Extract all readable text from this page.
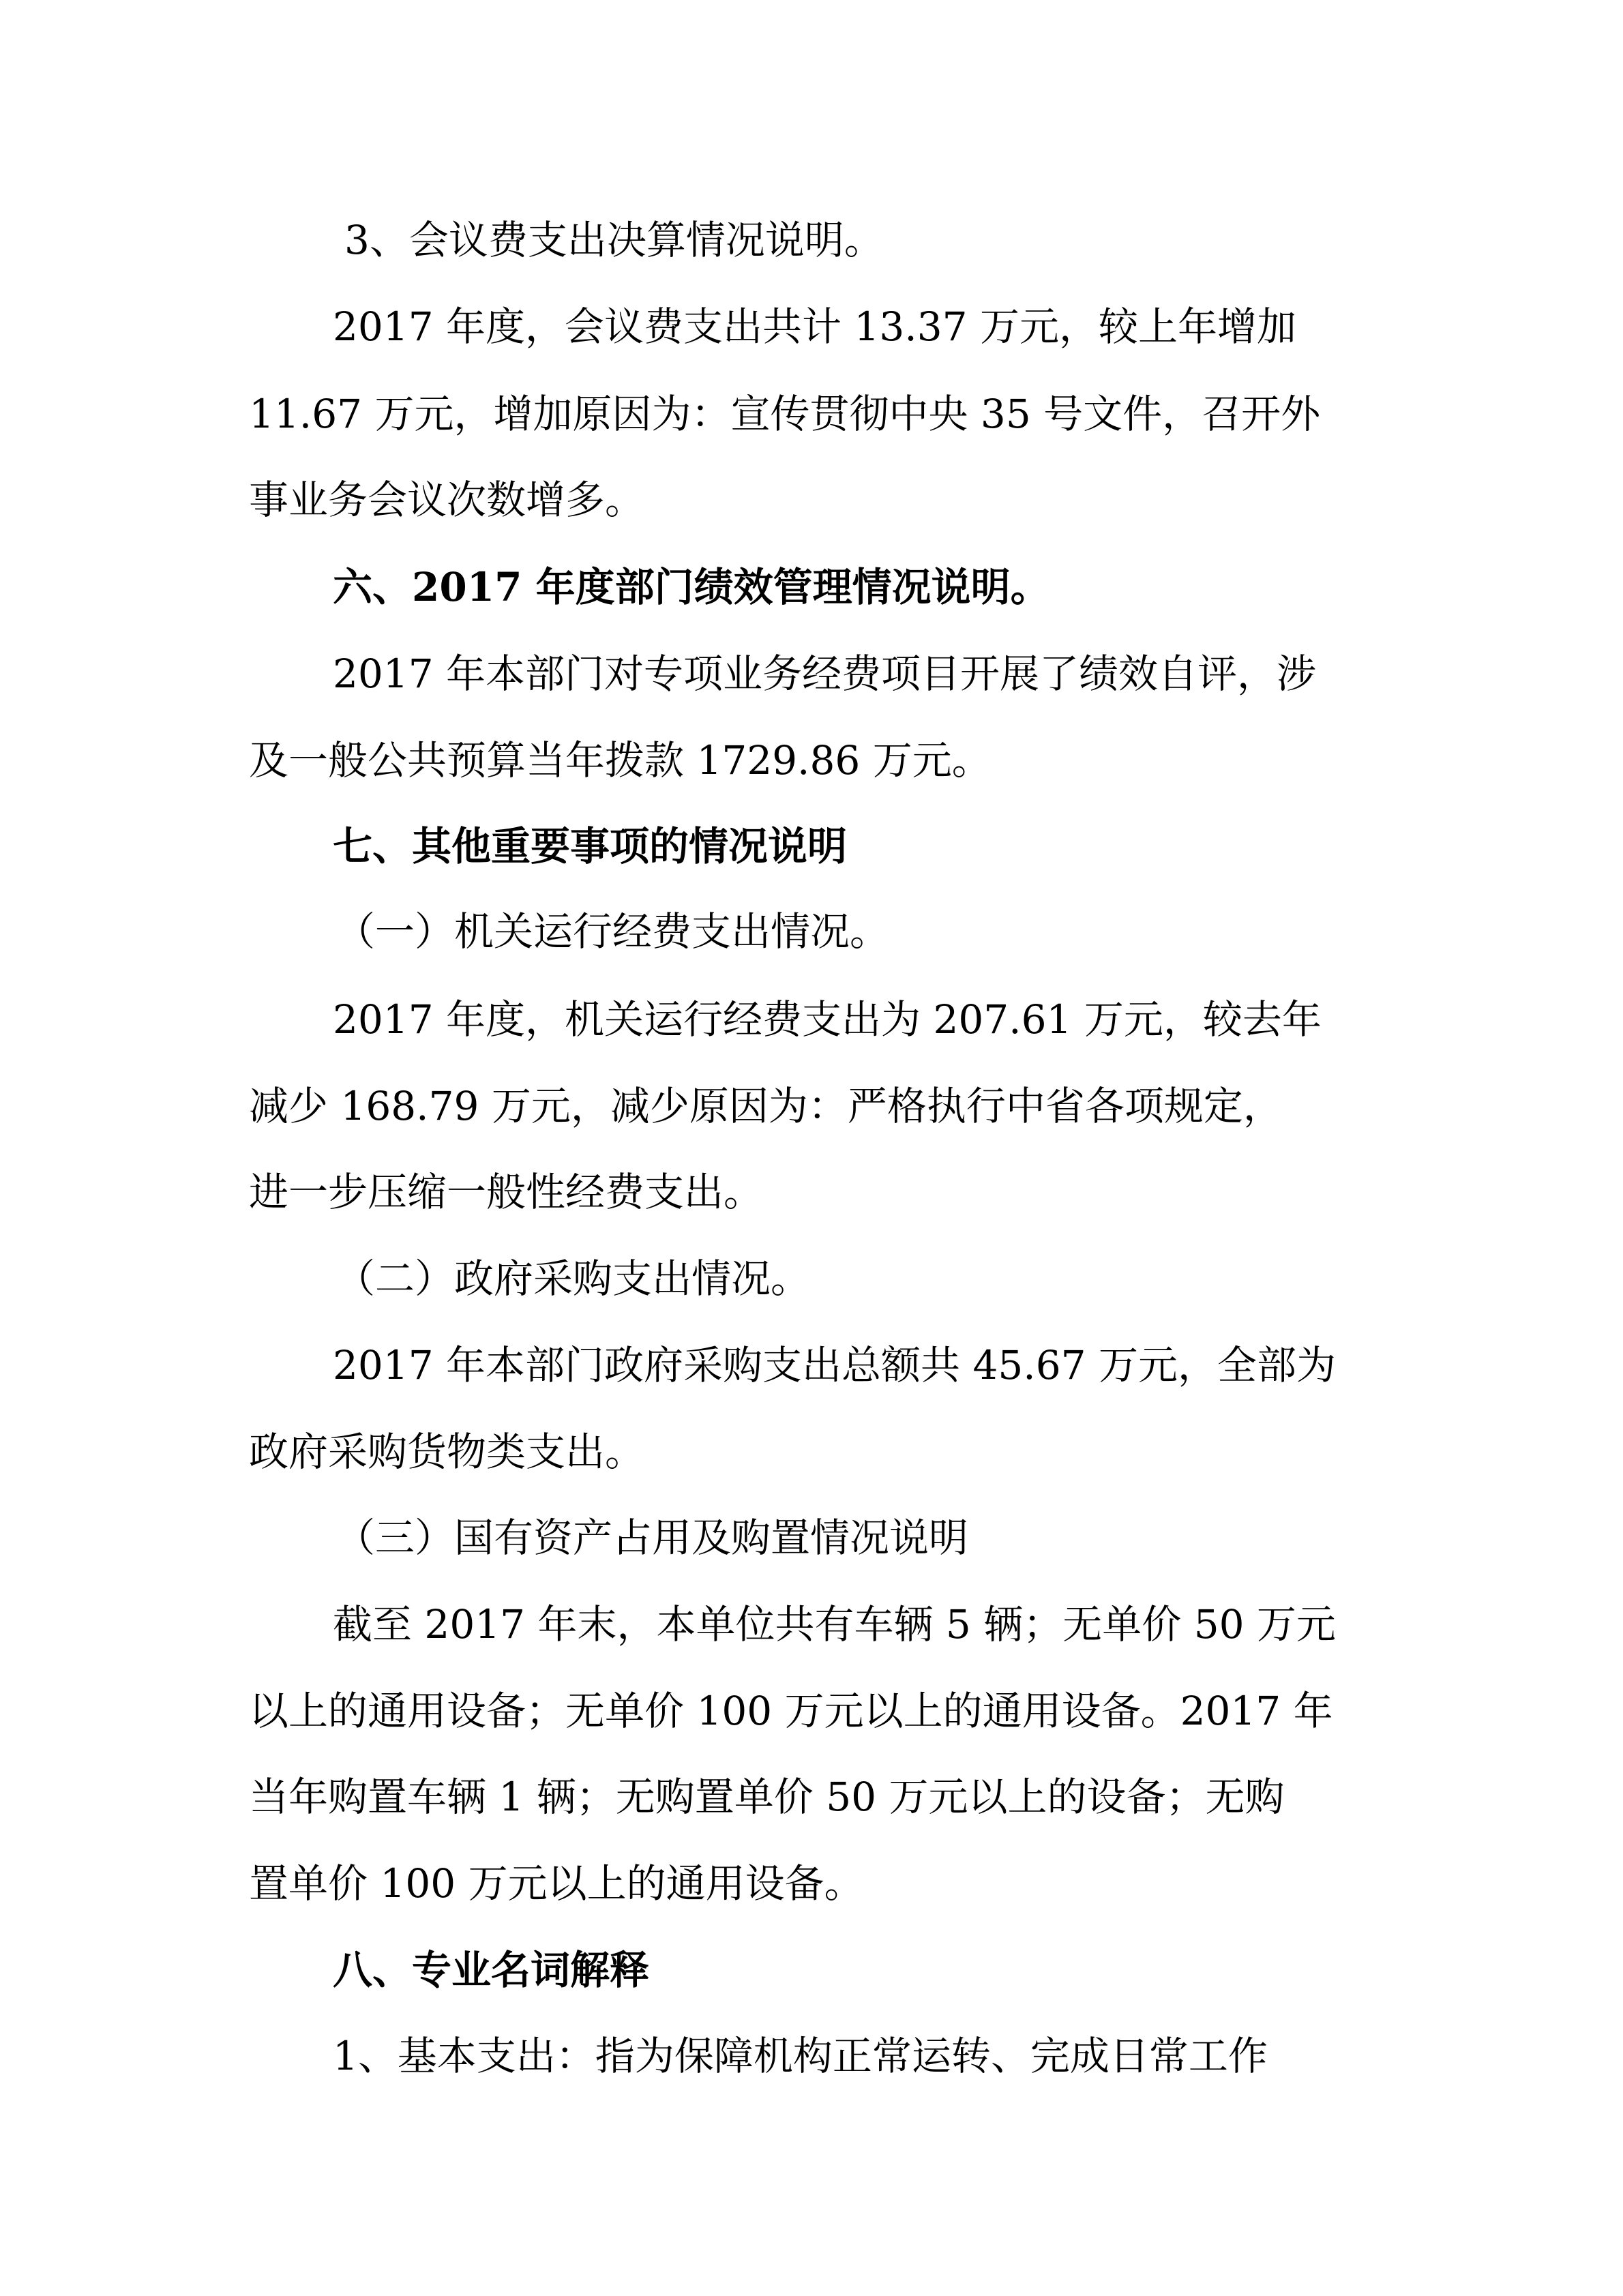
3、会议费支出决算情况说明。

2017 年度，会议费支出共计 13.37 万元，较上年增加

11.67 万元，增加原因为：宣传贯彻中央 35 号文件，召开外

事业务会议次数增多。

六、2017 年度部门绩效管理情况说明。

2017 年本部门对专项业务经费项目开展了绩效自评，涉

及一般公共预算当年拨款 1729.86 万元。

七、其他重要事项的情况说明

（一）机关运行经费支出情况。

2017 年度，机关运行经费支出为 207.61 万元，较去年

减少 168.79 万元，减少原因为：严格执行中省各项规定，

进一步压缩一般性经费支出。

（二）政府采购支出情况。

2017 年本部门政府采购支出总额共 45.67 万元，全部为

政府采购货物类支出。

（三）国有资产占用及购置情况说明

截至 2017 年末，本单位共有车辆 5 辆；无单价 50 万元

以上的通用设备；无单价 100 万元以上的通用设备。2017 年

当年购置车辆 1 辆；无购置单价 50 万元以上的设备；无购

置单价 100 万元以上的通用设备。

八、专业名词解释

1、基本支出：指为保障机构正常运转、完成日常工作
